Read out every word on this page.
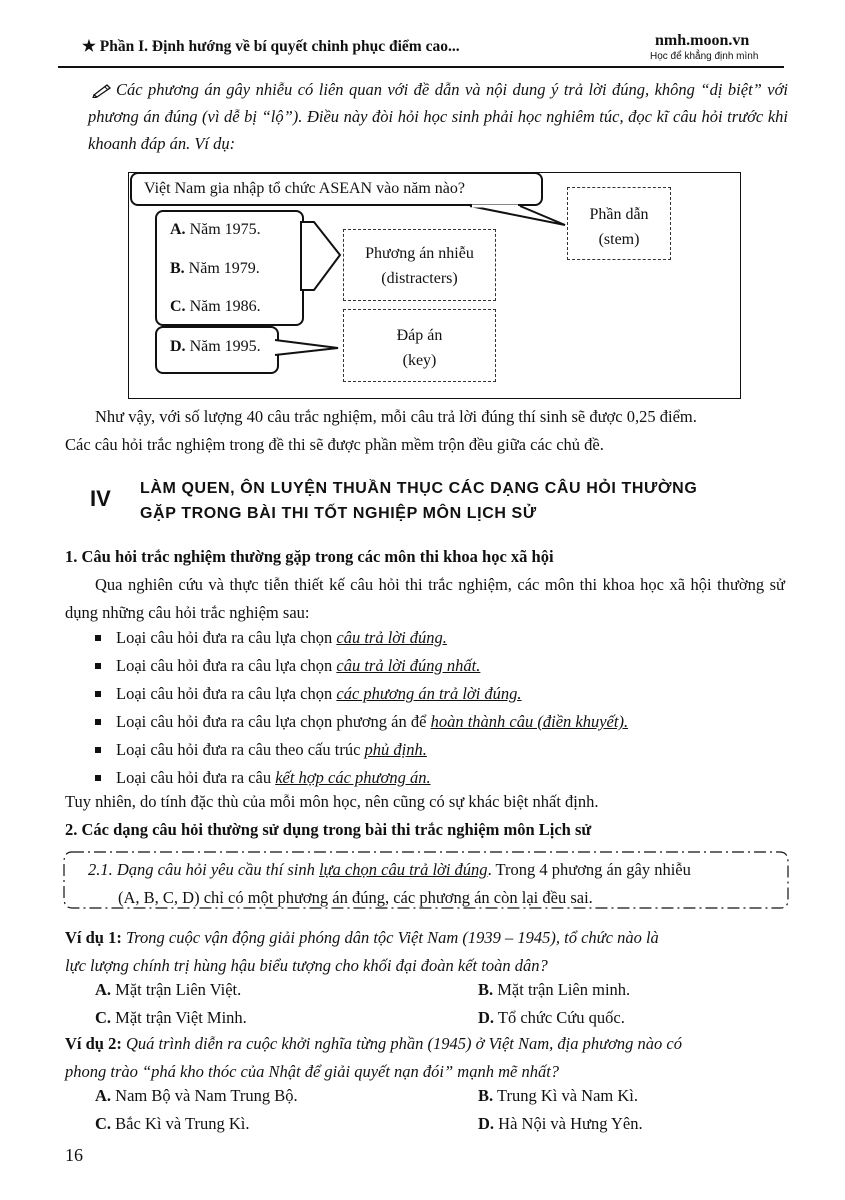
★ Phần I. Định hướng về bí quyết chinh phục điểm cao...	nmh.moon.vn
Học để khẳng định mình
Các phương án gây nhiễu có liên quan với đề dẫn và nội dung ý trả lời đúng, không “dị biệt” với phương án đúng (vì dễ bị “lộ”). Điều này đòi hỏi học sinh phải học nghiêm túc, đọc kĩ câu hỏi trước khi khoanh đáp án. Ví dụ:
Việt Nam gia nhập tổ chức ASEAN vào năm nào?
A. Năm 1975.
B. Năm 1979.
C. Năm 1986.
D. Năm 1995.
Phương án nhiễu
(distracters)
Đáp án
(key)
Phần dẫn
(stem)
Như vậy, với số lượng 40 câu trắc nghiệm, mỗi câu trả lời đúng thí sinh sẽ được 0,25 điểm.
Các câu hỏi trắc nghiệm trong đề thi sẽ được phần mềm trộn đều giữa các chủ đề.
IV LÀM QUEN, ÔN LUYỆN THUẦN THỤC CÁC DẠNG CÂU HỎI THƯỜNG
GẶP TRONG BÀI THI TỐT NGHIỆP MÔN LỊCH SỬ
1. Câu hỏi trắc nghiệm thường gặp trong các môn thi khoa học xã hội
Qua nghiên cứu và thực tiễn thiết kế câu hỏi thi trắc nghiệm, các môn thi khoa học xã hội thường sử dụng những câu hỏi trắc nghiệm sau:
Loại câu hỏi đưa ra câu lựa chọn câu trả lời đúng.
Loại câu hỏi đưa ra câu lựa chọn câu trả lời đúng nhất.
Loại câu hỏi đưa ra câu lựa chọn các phương án trả lời đúng.
Loại câu hỏi đưa ra câu lựa chọn phương án để hoàn thành câu (điền khuyết).
Loại câu hỏi đưa ra câu theo cấu trúc phủ định.
Loại câu hỏi đưa ra câu kết hợp các phương án.
Tuy nhiên, do tính đặc thù của mỗi môn học, nên cũng có sự khác biệt nhất định.
2. Các dạng câu hỏi thường sử dụng trong bài thi trắc nghiệm môn Lịch sử
2.1. Dạng câu hỏi yêu cầu thí sinh lựa chọn câu trả lời đúng. Trong 4 phương án gây nhiễu
(A, B, C, D) chỉ có một phương án đúng, các phương án còn lại đều sai.
Ví dụ 1: Trong cuộc vận động giải phóng dân tộc Việt Nam (1939 – 1945), tổ chức nào là
lực lượng chính trị hùng hậu biểu tượng cho khối đại đoàn kết toàn dân?
A. Mặt trận Liên Việt.	B. Mặt trận Liên minh.
C. Mặt trận Việt Minh.	D. Tổ chức Cứu quốc.
Ví dụ 2: Quá trình diễn ra cuộc khởi nghĩa từng phần (1945) ở Việt Nam, địa phương nào có
phong trào “phá kho thóc của Nhật để giải quyết nạn đói” mạnh mẽ nhất?
A. Nam Bộ và Nam Trung Bộ.	B. Trung Kì và Nam Kì.
C. Bắc Kì và Trung Kì.	D. Hà Nội và Hưng Yên.
16
